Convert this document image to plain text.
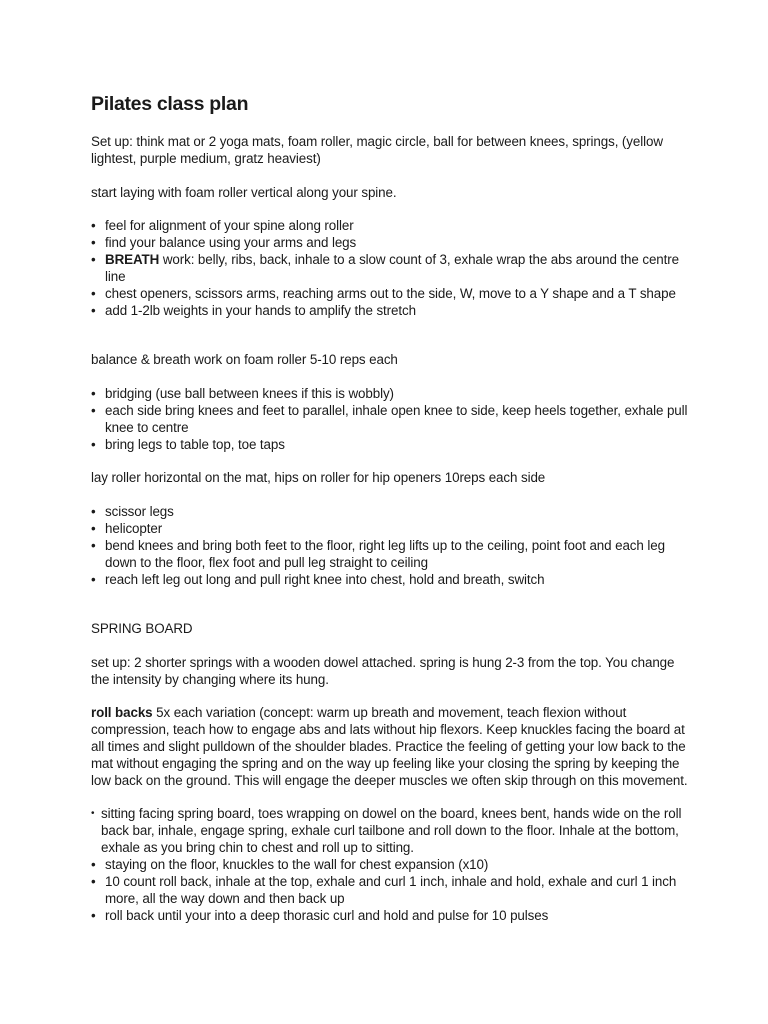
Pilates class plan

Set up: think mat or 2 yoga mats, foam roller, magic circle, ball for between knees, springs, (yellow lightest, purple medium, gratz heaviest)

start laying with foam roller vertical along your spine.

• feel for alignment of your spine along roller
• find your balance using your arms and legs
• BREATH work: belly, ribs, back, inhale to a slow count of 3, exhale wrap the abs around the centre line
• chest openers, scissors arms, reaching arms out to the side, W, move to a Y shape and a T shape
• add 1-2lb weights in your hands to amplify the stretch

balance & breath work on foam roller 5-10 reps each

• bridging (use ball between knees if this is wobbly)
• each side bring knees and feet to parallel, inhale open knee to side, keep heels together, exhale pull knee to centre
• bring legs to table top, toe taps

lay roller horizontal on the mat, hips on roller for hip openers 10reps each side

• scissor legs
• helicopter
• bend knees and bring both feet to the floor, right leg lifts up to the ceiling, point foot and each leg down to the floor, flex foot and pull leg straight to ceiling
• reach left leg out long and pull right knee into chest, hold and breath, switch

SPRING BOARD

set up: 2 shorter springs with a wooden dowel attached. spring is hung 2-3 from the top. You change the intensity by changing where its hung.

roll backs 5x each variation (concept: warm up breath and movement, teach flexion without compression, teach how to engage abs and lats without hip flexors. Keep knuckles facing the board at all times and slight pulldown of the shoulder blades. Practice the feeling of getting your low back to the mat without engaging the spring and on the way up feeling like your closing the spring by keeping the low back on the ground. This will engage the deeper muscles we often skip through on this movement.

• sitting facing spring board, toes wrapping on dowel on the board, knees bent, hands wide on the roll back bar, inhale, engage spring, exhale curl tailbone and roll down to the floor. Inhale at the bottom, exhale as you bring chin to chest and roll up to sitting.
• staying on the floor, knuckles to the wall for chest expansion (x10)
• 10 count roll back, inhale at the top, exhale and curl 1 inch, inhale and hold, exhale and curl 1 inch more, all the way down and then back up
• roll back until your into a deep thorasic curl and hold and pulse for 10 pulses
